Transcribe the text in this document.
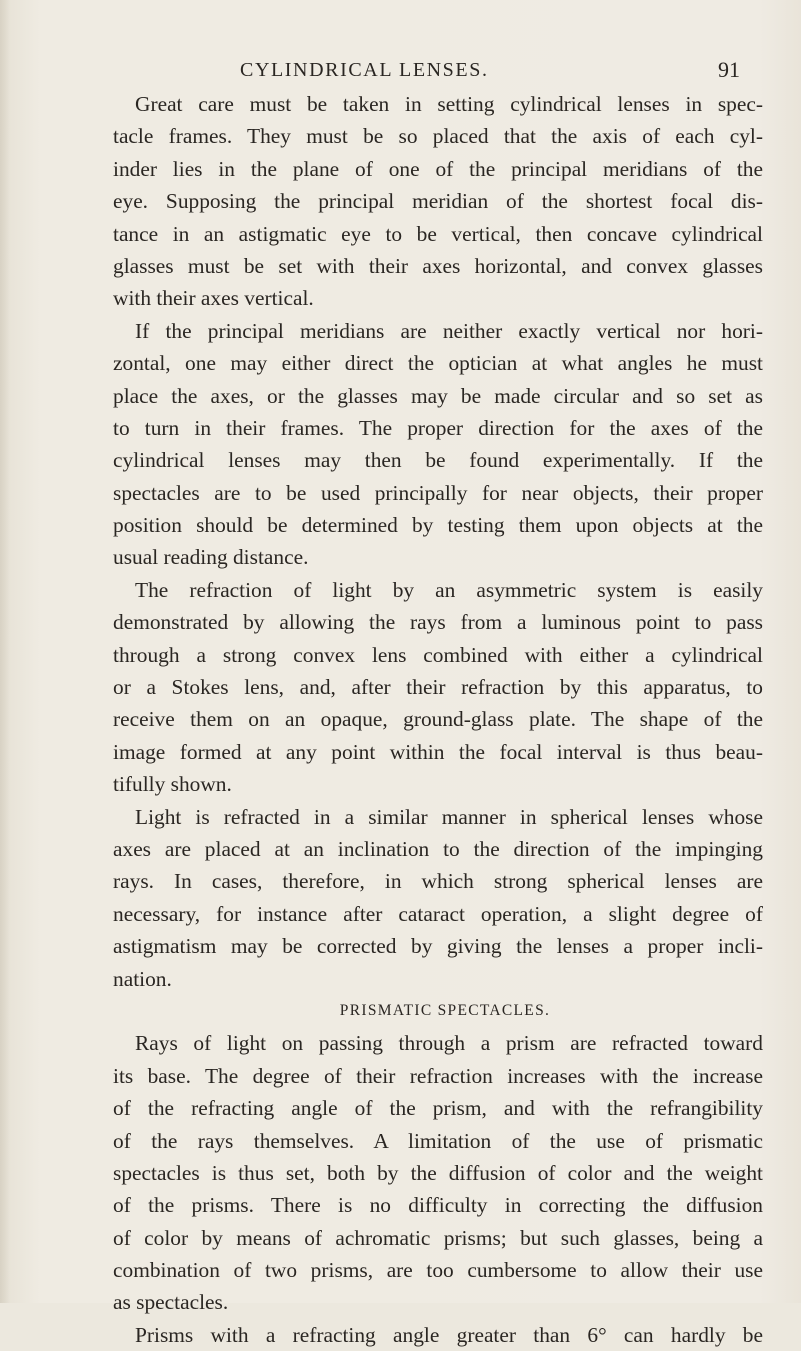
CYLINDRICAL LENSES.	91
Great care must be taken in setting cylindrical lenses in spec-
tacle frames. They must be so placed that the axis of each cyl-
inder lies in the plane of one of the principal meridians of the
eye. Supposing the principal meridian of the shortest focal dis-
tance in an astigmatic eye to be vertical, then concave cylindrical
glasses must be set with their axes horizontal, and convex glasses
with their axes vertical.
If the principal meridians are neither exactly vertical nor hori-
zontal, one may either direct the optician at what angles he must
place the axes, or the glasses may be made circular and so set as
to turn in their frames. The proper direction for the axes of the
cylindrical lenses may then be found experimentally. If the
spectacles are to be used principally for near objects, their proper
position should be determined by testing them upon objects at the
usual reading distance.
The refraction of light by an asymmetric system is easily
demonstrated by allowing the rays from a luminous point to pass
through a strong convex lens combined with either a cylindrical
or a Stokes lens, and, after their refraction by this apparatus, to
receive them on an opaque, ground-glass plate. The shape of the
image formed at any point within the focal interval is thus beau-
tifully shown.
Light is refracted in a similar manner in spherical lenses whose
axes are placed at an inclination to the direction of the impinging
rays. In cases, therefore, in which strong spherical lenses are
necessary, for instance after cataract operation, a slight degree of
astigmatism may be corrected by giving the lenses a proper incli-
nation.
PRISMATIC SPECTACLES.
Rays of light on passing through a prism are refracted toward
its base. The degree of their refraction increases with the increase
of the refracting angle of the prism, and with the refrangibility
of the rays themselves. A limitation of the use of prismatic
spectacles is thus set, both by the diffusion of color and the weight
of the prisms. There is no difficulty in correcting the diffusion
of color by means of achromatic prisms; but such glasses, being a
combination of two prisms, are too cumbersome to allow their use
as spectacles.
Prisms with a refracting angle greater than 6° can hardly be
